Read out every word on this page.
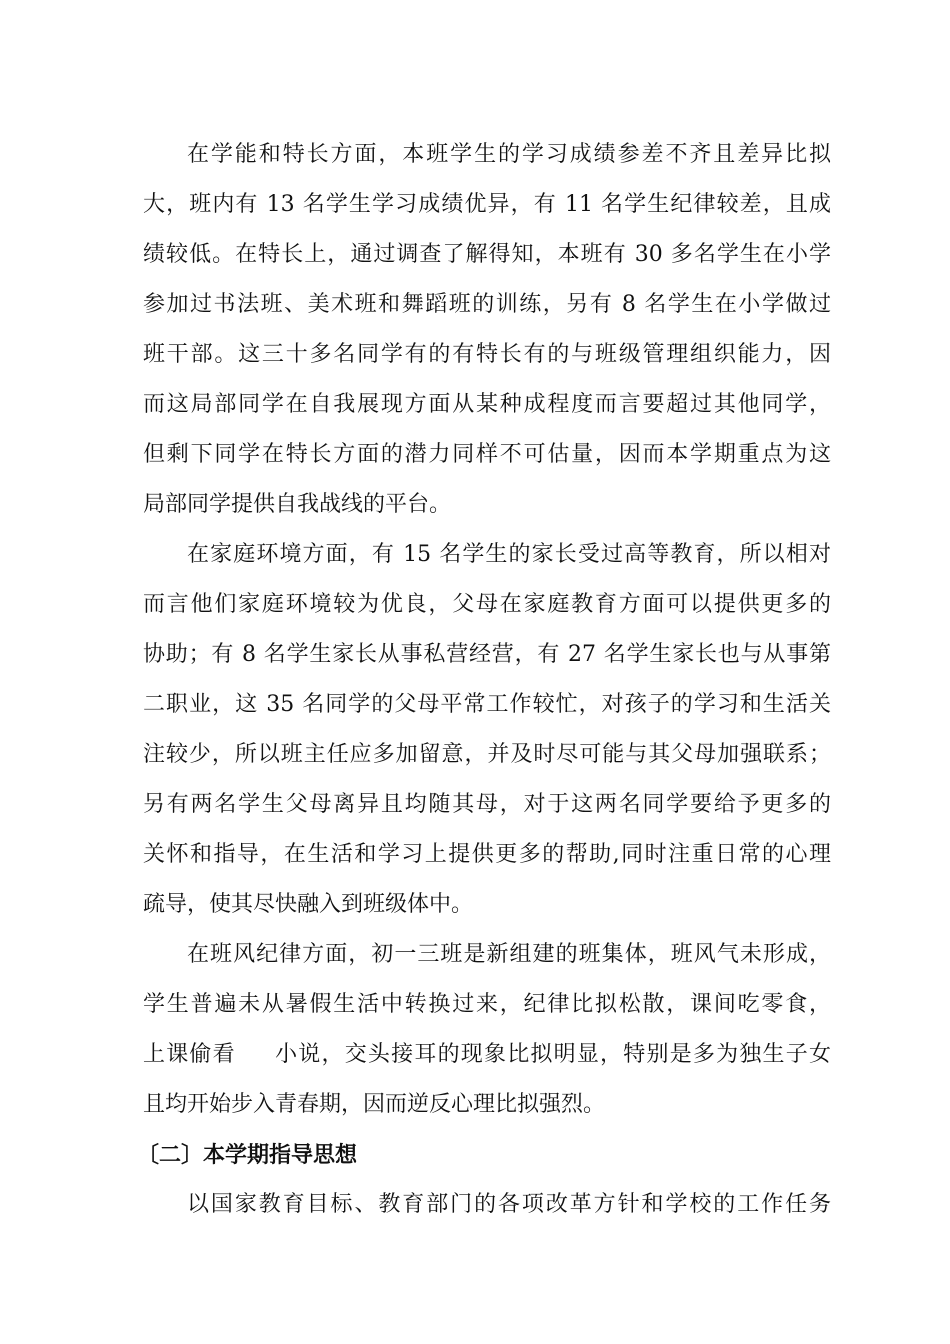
在学能和特长方面，本班学生的学习成绩参差不齐且差异比拟
大，班内有 13 名学生学习成绩优异，有 11 名学生纪律较差，且成
绩较低。在特长上，通过调查了解得知，本班有 30 多名学生在小学
参加过书法班、美术班和舞蹈班的训练，另有 8 名学生在小学做过
班干部。这三十多名同学有的有特长有的与班级管理组织能力，因
而这局部同学在自我展现方面从某种成程度而言要超过其他同学，
但剩下同学在特长方面的潜力同样不可估量，因而本学期重点为这
局部同学提供自我战线的平台。
在家庭环境方面，有 15 名学生的家长受过高等教育，所以相对
而言他们家庭环境较为优良，父母在家庭教育方面可以提供更多的
协助；有 8 名学生家长从事私营经营，有 27 名学生家长也与从事第
二职业，这 35 名同学的父母平常工作较忙，对孩子的学习和生活关
注较少，所以班主任应多加留意，并及时尽可能与其父母加强联系；
另有两名学生父母离异且均随其母，对于这两名同学要给予更多的
关怀和指导，在生活和学习上提供更多的帮助,同时注重日常的心理
疏导，使其尽快融入到班级体中。
在班风纪律方面，初一三班是新组建的班集体，班风气未形成，
学生普遍未从暑假生活中转换过来，纪律比拟松散，课间吃零食，
上课偷看 小说，交头接耳的现象比拟明显，特别是多为独生子女
且均开始步入青春期，因而逆反心理比拟强烈。
〔二〕本学期指导思想
以国家教育目标、教育部门的各项改革方针和学校的工作任务
